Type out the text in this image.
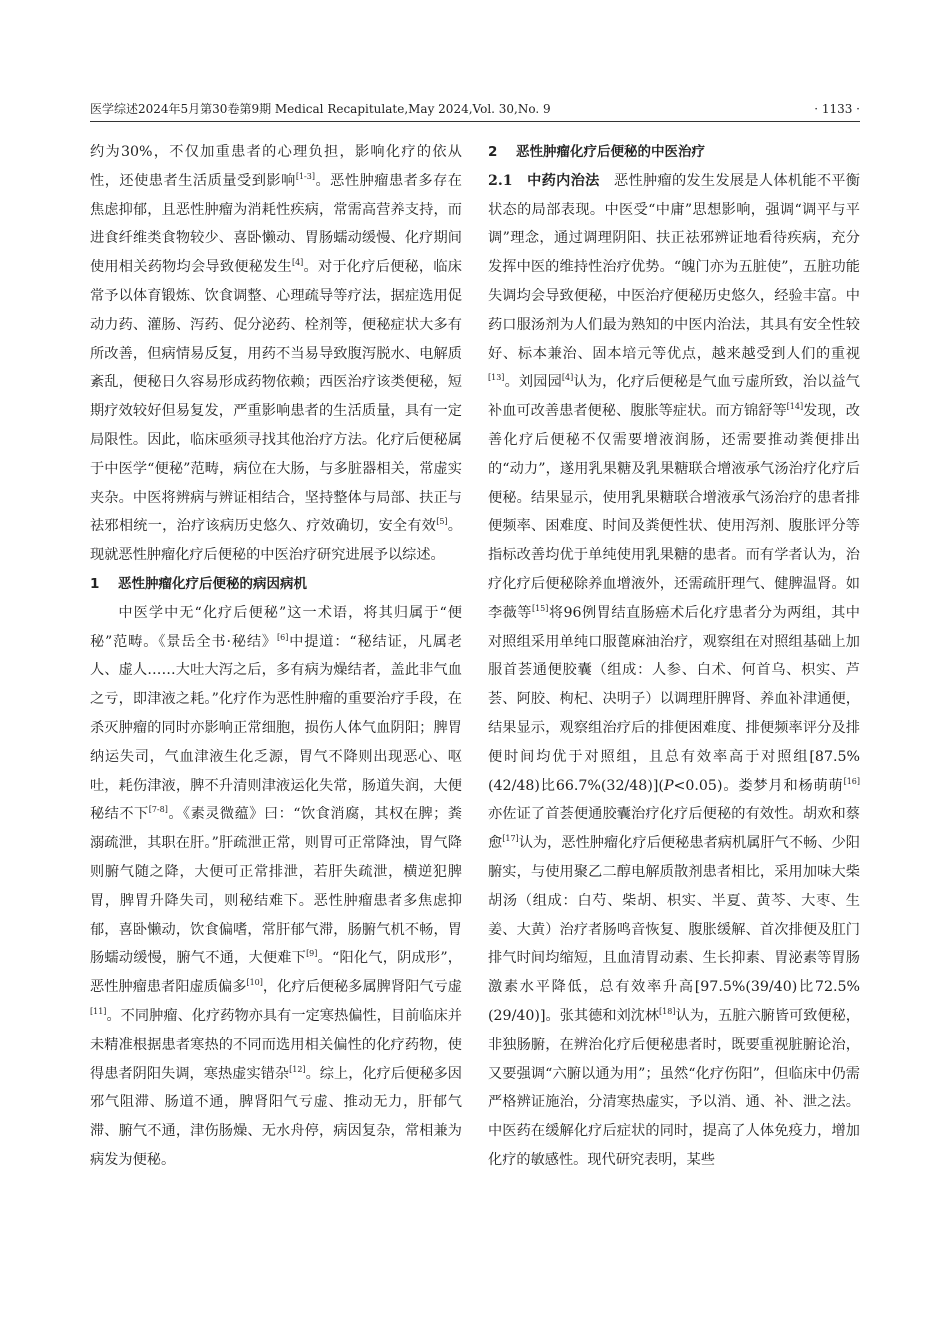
医学综述2024年5月第30卷第9期 Medical Recapitulate,May 2024,Vol. 30,No. 9	· 1133 ·

约为30%，不仅加重患者的心理负担，影响化疗的依从性，还使患者生活质量受到影响[1-3]。恶性肿瘤患者多存在焦虑抑郁，且恶性肿瘤为消耗性疾病，常需高营养支持，而进食纤维类食物较少、喜卧懒动、胃肠蠕动缓慢、化疗期间使用相关药物均会导致便秘发生[4]。对于化疗后便秘，临床常予以体育锻炼、饮食调整、心理疏导等疗法，据症选用促动力药、灌肠、泻药、促分泌药、栓剂等，便秘症状大多有所改善，但病情易反复，用药不当易导致腹泻脱水、电解质紊乱，便秘日久容易形成药物依赖；西医治疗该类便秘，短期疗效较好但易复发，严重影响患者的生活质量，具有一定局限性。因此，临床亟须寻找其他治疗方法。化疗后便秘属于中医学“便秘”范畴，病位在大肠，与多脏器相关，常虚实夹杂。中医将辨病与辨证相结合，坚持整体与局部、扶正与祛邪相统一，治疗该病历史悠久、疗效确切，安全有效[5]。现就恶性肿瘤化疗后便秘的中医治疗研究进展予以综述。

1 恶性肿瘤化疗后便秘的病因病机

中医学中无“化疗后便秘”这一术语，将其归属于“便秘”范畴。《景岳全书·秘结》[6]中提道：“秘结证，凡属老人、虚人……大吐大泻之后，多有病为燥结者，盖此非气血之亏，即津液之耗。”化疗作为恶性肿瘤的重要治疗手段，在杀灭肿瘤的同时亦影响正常细胞，损伤人体气血阴阳；脾胃纳运失司，气血津液生化乏源，胃气不降则出现恶心、呕吐，耗伤津液，脾不升清则津液运化失常，肠道失润，大便秘结不下[7-8]。《素灵微蕴》曰：“饮食消腐，其权在脾；粪溺疏泄，其职在肝。”肝疏泄正常，则胃可正常降浊，胃气降则腑气随之降，大便可正常排泄，若肝失疏泄，横逆犯脾胃，脾胃升降失司，则秘结难下。恶性肿瘤患者多焦虑抑郁，喜卧懒动，饮食偏嗜，常肝郁气滞，肠腑气机不畅，胃肠蠕动缓慢，腑气不通，大便难下[9]。“阳化气，阴成形”，恶性肿瘤患者阳虚质偏多[10]，化疗后便秘多属脾肾阳气亏虚[11]。不同肿瘤、化疗药物亦具有一定寒热偏性，目前临床并未精准根据患者寒热的不同而选用相关偏性的化疗药物，使得患者阴阳失调，寒热虚实错杂[12]。综上，化疗后便秘多因邪气阻滞、肠道不通，脾肾阳气亏虚、推动无力，肝郁气滞、腑气不通，津伤肠燥、无水舟停，病因复杂，常相兼为病发为便秘。

2 恶性肿瘤化疗后便秘的中医治疗

2.1 中药内治法 恶性肿瘤的发生发展是人体机能不平衡状态的局部表现。中医受“中庸”思想影响，强调“调平与平调”理念，通过调理阴阳、扶正祛邪辨证地看待疾病，充分发挥中医的维持性治疗优势。“魄门亦为五脏使”，五脏功能失调均会导致便秘，中医治疗便秘历史悠久，经验丰富。中药口服汤剂为人们最为熟知的中医内治法，其具有安全性较好、标本兼治、固本培元等优点，越来越受到人们的重视[13]。刘园园[4]认为，化疗后便秘是气血亏虚所致，治以益气补血可改善患者便秘、腹胀等症状。而方锦舒等[14]发现，改善化疗后便秘不仅需要增液润肠，还需要推动粪便排出的“动力”，遂用乳果糖及乳果糖联合增液承气汤治疗化疗后便秘。结果显示，使用乳果糖联合增液承气汤治疗的患者排便频率、困难度、时间及粪便性状、使用泻剂、腹胀评分等指标改善均优于单纯使用乳果糖的患者。而有学者认为，治疗化疗后便秘除养血增液外，还需疏肝理气、健脾温肾。如李薇等[15]将96例胃结直肠癌术后化疗患者分为两组，其中对照组采用单纯口服蓖麻油治疗，观察组在对照组基础上加服首荟通便胶囊（组成：人参、白术、何首乌、枳实、芦荟、阿胶、枸杞、决明子）以调理肝脾肾、养血补津通便，结果显示，观察组治疗后的排便困难度、排便频率评分及排便时间均优于对照组，且总有效率高于对照组[87.5%(42/48)比66.7%(32/48)](P<0.05)。娄梦月和杨萌萌[16]亦佐证了首荟便通胶囊治疗化疗后便秘的有效性。胡欢和蔡愈[17]认为，恶性肿瘤化疗后便秘患者病机属肝气不畅、少阳腑实，与使用聚乙二醇电解质散剂患者相比，采用加味大柴胡汤（组成：白芍、柴胡、枳实、半夏、黄芩、大枣、生姜、大黄）治疗者肠鸣音恢复、腹胀缓解、首次排便及肛门排气时间均缩短，且血清胃动素、生长抑素、胃泌素等胃肠激素水平降低，总有效率升高[97.5%(39/40)比72.5%(29/40)]。张其德和刘沈林[18]认为，五脏六腑皆可致便秘，非独肠腑，在辨治化疗后便秘患者时，既要重视脏腑论治，又要强调“六腑以通为用”；虽然“化疗伤阳”，但临床中仍需严格辨证施治，分清寒热虚实，予以消、通、补、泄之法。中医药在缓解化疗后症状的同时，提高了人体免疫力，增加化疗的敏感性。现代研究表明，某些
